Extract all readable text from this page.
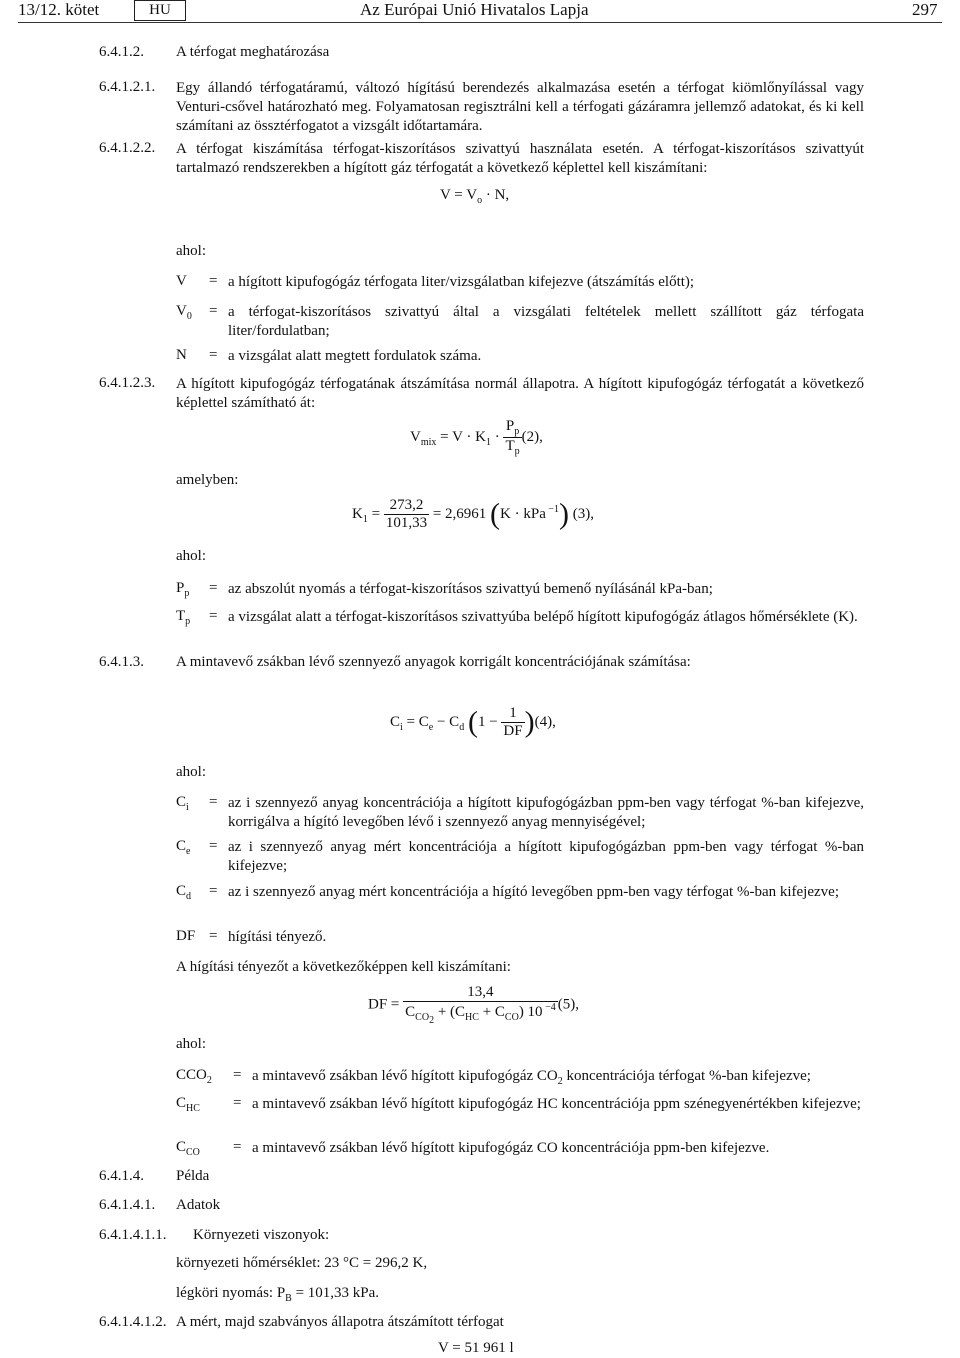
13/12. kötet	HU	Az Európai Unió Hivatalos Lapja	297
6.4.1.2. A térfogat meghatározása
6.4.1.2.1. Egy állandó térfogatáramú, változó hígítású berendezés alkalmazása esetén a térfogat kiömlőnyílással vagy Venturi-csővel határozható meg. Folyamatosan regisztrálni kell a térfogati gázáramra jellemző adatokat, és ki kell számítani az össztérfogatot a vizsgált időtartamára.
6.4.1.2.2. A térfogat kiszámítása térfogat-kiszorításos szivattyú használata esetén. A térfogat-kiszorításos szivattyút tartalmazó rendszerekben a hígított gáz térfogatát a következő képlettel kell kiszámítani:
$V = V_o \cdot N$,
ahol:
V = a hígított kipufogógáz térfogata liter/vizsgálatban kifejezve (átszámítás előtt);
$V_0 = a$ térfogat-kiszorításos szivattyú által a vizsgálati feltételek mellett szállított gáz térfogata liter/fordulatban;
N = a vizsgálat alatt megtett fordulatok száma.
6.4.1.2.3. A hígított kipufogógáz térfogatának átszámítása normál állapotra. A hígított kipufogógáz térfogatát a következő képlettel számítható át:
$V_{mix} = V \cdot K_1 \cdot \frac{P_p}{T_p} (2)$,
amelyben:
$K_1 = \frac{273,2}{101,33} = 2,6961$ (K · kPa $^{-1}$) (3),
ahol:
$P_p$ = az abszolút nyomás a térfogat-kiszorításos szivattyú bemenő nyílásánál kPa-ban;
$T_p = a$ vizsgálat alatt a térfogat-kiszorításos szivattyúba belépő hígított kipufogógáz átlagos hőmérséklete (K).
6.4.1.3. A mintavevő zsákban lévő szennyező anyagok korrigált koncentrációjának számítása:
$C_i = C_e - C_d$ $(1 - \frac{1}{DF} )(4)$,
ahol:
$C_i$ = az i szennyező anyag koncentrációja a hígított kipufogógázban ppm-ben vagy térfogat %-ban kifejezve, korrigálva a hígító levegőben lévő i szennyező anyag mennyiségével;
$C_e$ = az i szennyező anyag mért koncentrációja a hígított kipufogógázban ppm-ben vagy térfogat %-ban kifejezve;
$C_d$ = az i szennyező anyag mért koncentrációja a hígító levegőben ppm-ben vagy térfogat %-ban kifejezve;
DF = hígítási tényező.
A hígítási tényezőt a következőképpen kell kiszámítani:
DF = $\frac{13,4}{C_{CO_2} + (C_{HC} + C_{CO}) 10 ^{-4}} (5)$,
ahol:
$CCO_2 = a$ mintavevő zsákban lévő hígított kipufogógáz $CO_2$ koncentrációja térfogat %-ban kifejezve;
$C_{HC} = a$ mintavevő zsákban lévő hígított kipufogógáz HC koncentrációja ppm szénegyenértékben kifejezve;
$C_{CO} = a$ mintavevő zsákban lévő hígított kipufogógáz CO koncentrációja ppm-ben kifejezve.
6.4.1.4. Példa
6.4.1.4.1. Adatok
6.4.1.4.1.1. Környezeti viszonyok:
környezeti hőmérséklet: 23 °C = 296,2 K,
légköri nyomás: $P_B = 101,33$ kPa.
6.4.1.4.1.2. A mért, majd szabványos állapotra átszámított térfogat
V = 51 961 l
